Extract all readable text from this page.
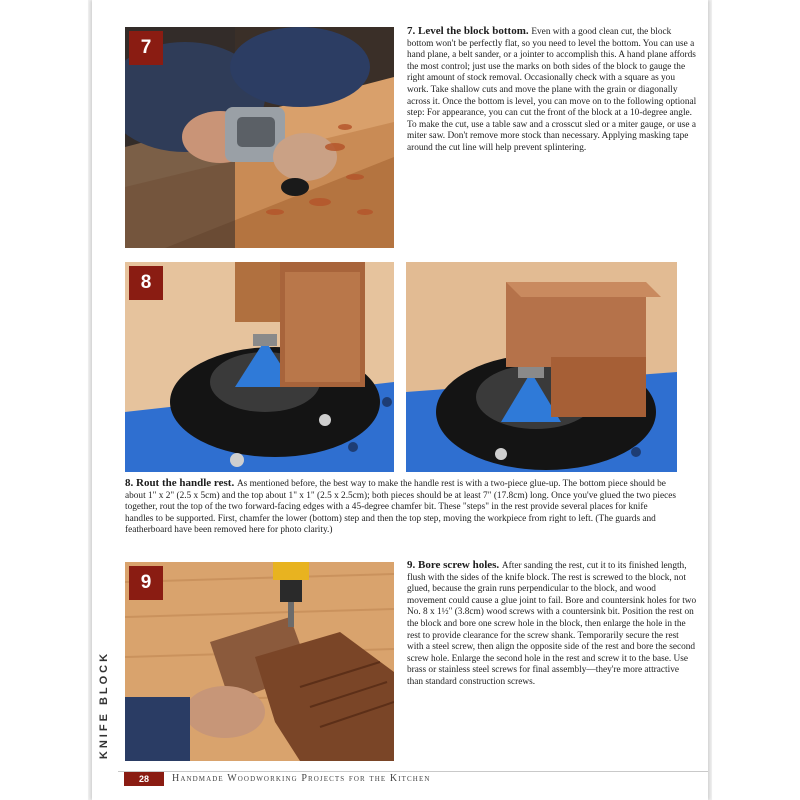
7
7. Level the block bottom. Even with a good clean cut, the block bottom won't be perfectly flat, so you need to level the bottom. You can use a hand plane, a belt sander, or a jointer to accomplish this. A hand plane affords the most control; just use the marks on both sides of the block to gauge the right amount of stock removal. Occasionally check with a square as you work. Take shallow cuts and move the plane with the grain or diagonally across it. Once the bottom is level, you can move on to the following optional step: For appearance, you can cut the front of the block at a 10-degree angle. To make the cut, use a table saw and a crosscut sled or a miter gauge, or use a miter saw. Don't remove more stock than necessary. Applying masking tape around the cut line will help prevent splintering.
8
8. Rout the handle rest. As mentioned before, the best way to make the handle rest is with a two-piece glue-up. The bottom piece should be about 1" x 2" (2.5 x 5cm) and the top about 1" x 1" (2.5 x 2.5cm); both pieces should be at least 7" (17.8cm) long. Once you've glued the two pieces together, rout the top of the two forward-facing edges with a 45-degree chamfer bit. These "steps" in the rest provide several places for knife handles to be supported. First, chamfer the lower (bottom) step and then the top step, moving the workpiece from right to left. (The guards and featherboard have been removed here for photo clarity.)
9
9. Bore screw holes. After sanding the rest, cut it to its finished length, flush with the sides of the knife block. The rest is screwed to the block, not glued, because the grain runs perpendicular to the block, and wood movement could cause a glue joint to fail. Bore and countersink holes for two No. 8 x 1½" (3.8cm) wood screws with a countersink bit. Position the rest on the block and bore one screw hole in the block, then enlarge the hole in the rest to provide clearance for the screw shank. Temporarily secure the rest with a steel screw, then align the opposite side of the rest and bore the second screw hole. Enlarge the second hole in the rest and screw it to the base. Use brass or stainless steel screws for final assembly—they're more attractive than standard construction screws.
KNIFE BLOCK
28	Handmade Woodworking Projects for the Kitchen
